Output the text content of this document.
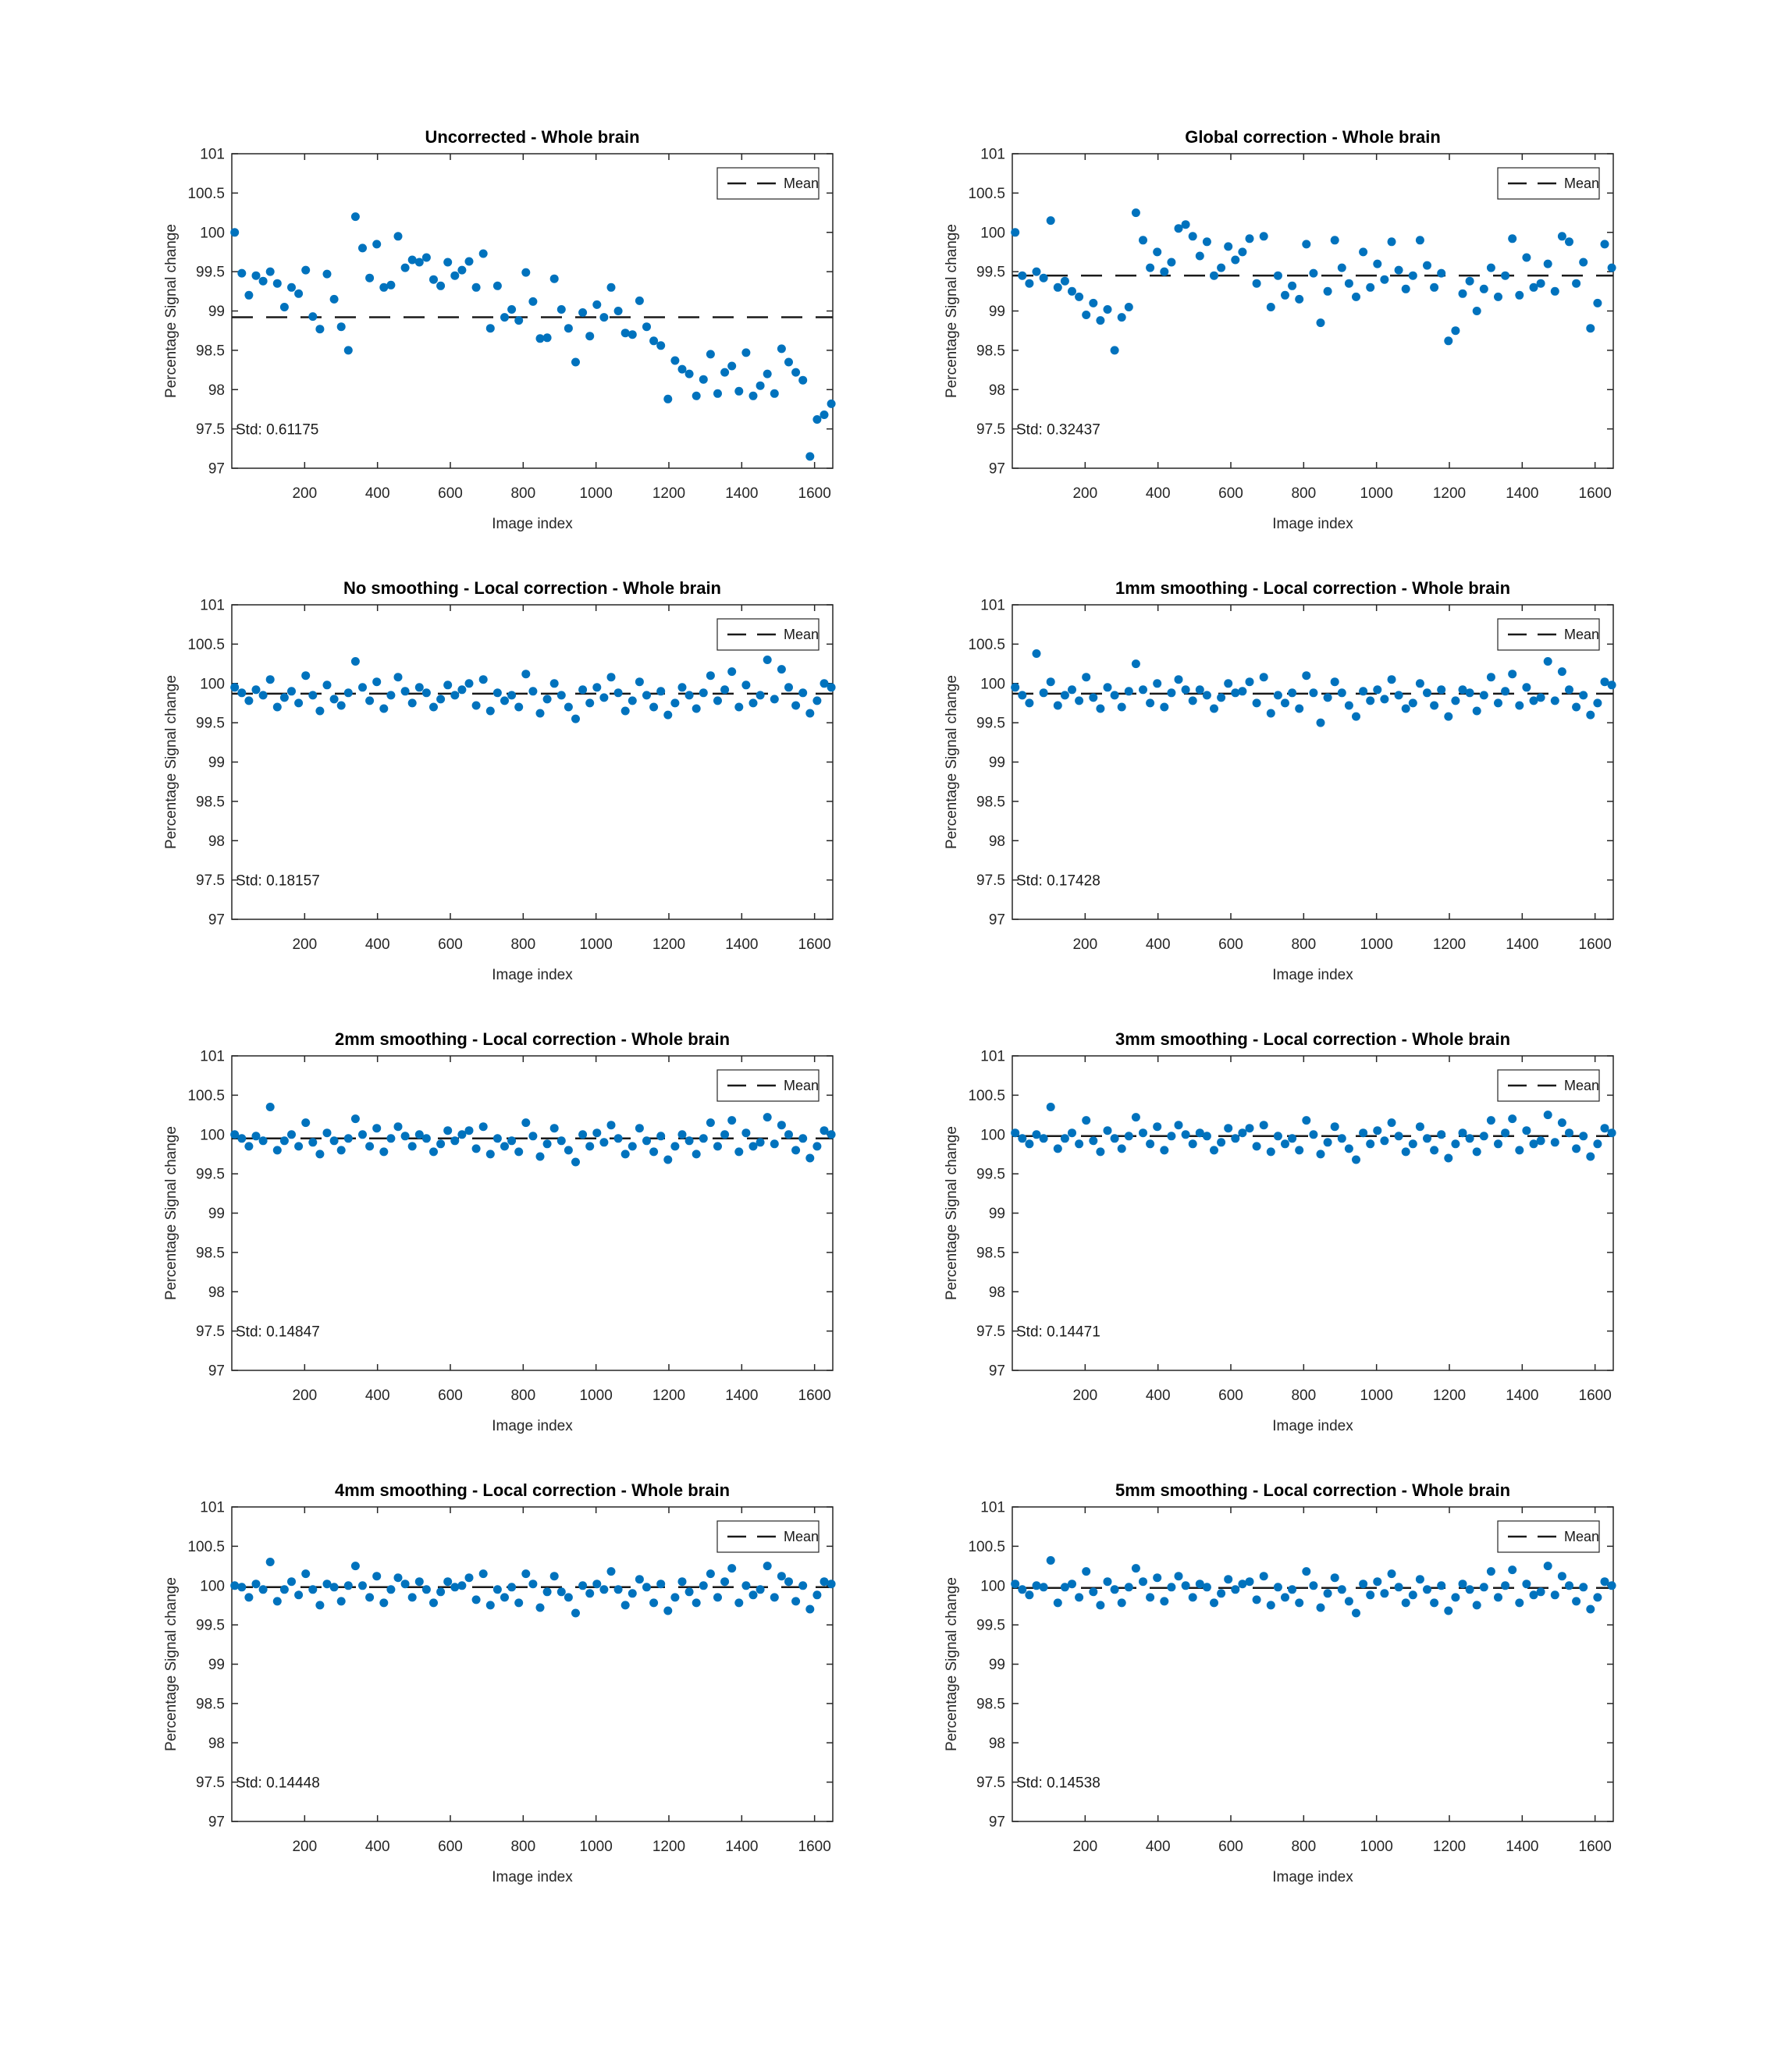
200	400	600	800	1000	1200	1400	1600
97
97.5
98
98.5
99
99.5
100
100.5
101
Uncorrected - Whole brain
Image index
Percentage Signal change
Std: 0.61175
Mean
200	400	600	800	1000	1200	1400	1600
97
97.5
98
98.5
99
99.5
100
100.5
101
Global correction - Whole brain
Image index
Percentage Signal change
Std: 0.32437
Mean
200	400	600	800	1000	1200	1400	1600
97
97.5
98
98.5
99
99.5
100
100.5
101
No smoothing - Local correction - Whole brain
Image index
Percentage Signal change
Std: 0.18157
Mean
200	400	600	800	1000	1200	1400	1600
97
97.5
98
98.5
99
99.5
100
100.5
101
1mm smoothing - Local correction - Whole brain
Image index
Percentage Signal change
Std: 0.17428
Mean
200	400	600	800	1000	1200	1400	1600
97
97.5
98
98.5
99
99.5
100
100.5
101
2mm smoothing - Local correction - Whole brain
Image index
Percentage Signal change
Std: 0.14847
Mean
200	400	600	800	1000	1200	1400	1600
97
97.5
98
98.5
99
99.5
100
100.5
101
3mm smoothing - Local correction - Whole brain
Image index
Percentage Signal change
Std: 0.14471
Mean
200	400	600	800	1000	1200	1400	1600
97
97.5
98
98.5
99
99.5
100
100.5
101
4mm smoothing - Local correction - Whole brain
Image index
Percentage Signal change
Std: 0.14448
Mean
200	400	600	800	1000	1200	1400	1600
97
97.5
98
98.5
99
99.5
100
100.5
101
5mm smoothing - Local correction - Whole brain
Image index
Percentage Signal change
Std: 0.14538
Mean
